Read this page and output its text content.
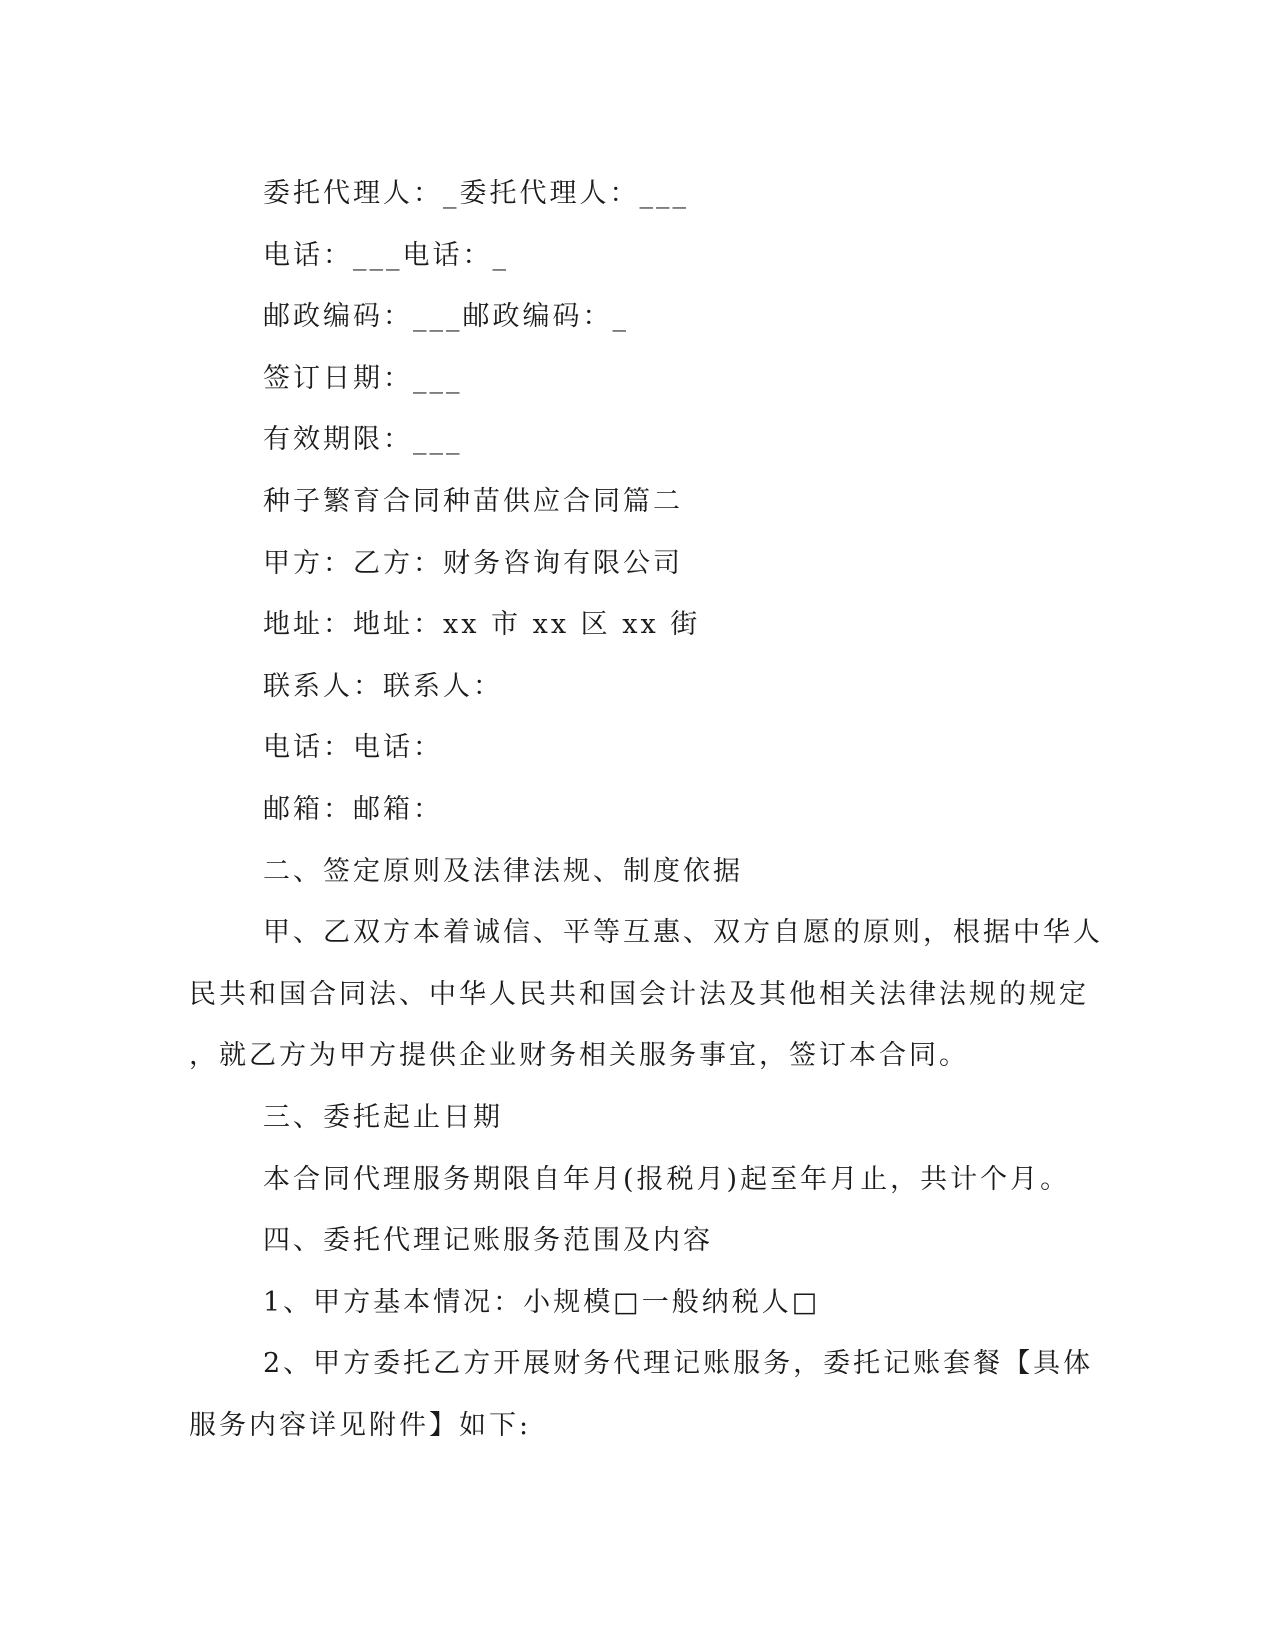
委托代理人：_委托代理人：___
电话：___电话：_
邮政编码：___邮政编码：_
签订日期：___
有效期限：___
种子繁育合同种苗供应合同篇二
甲方：乙方：财务咨询有限公司
地址：地址：xx 市 xx 区 xx 街
联系人：联系人：
电话：电话：
邮箱：邮箱：
二、签定原则及法律法规、制度依据
甲、乙双方本着诚信、平等互惠、双方自愿的原则，根据中华人
民共和国合同法、中华人民共和国会计法及其他相关法律法规的规定
，就乙方为甲方提供企业财务相关服务事宜，签订本合同。
三、委托起止日期
本合同代理服务期限自年月(报税月)起至年月止，共计个月。
四、委托代理记账服务范围及内容
1、甲方基本情况：小规模□一般纳税人□
2、甲方委托乙方开展财务代理记账服务，委托记账套餐【具体
服务内容详见附件】如下:
